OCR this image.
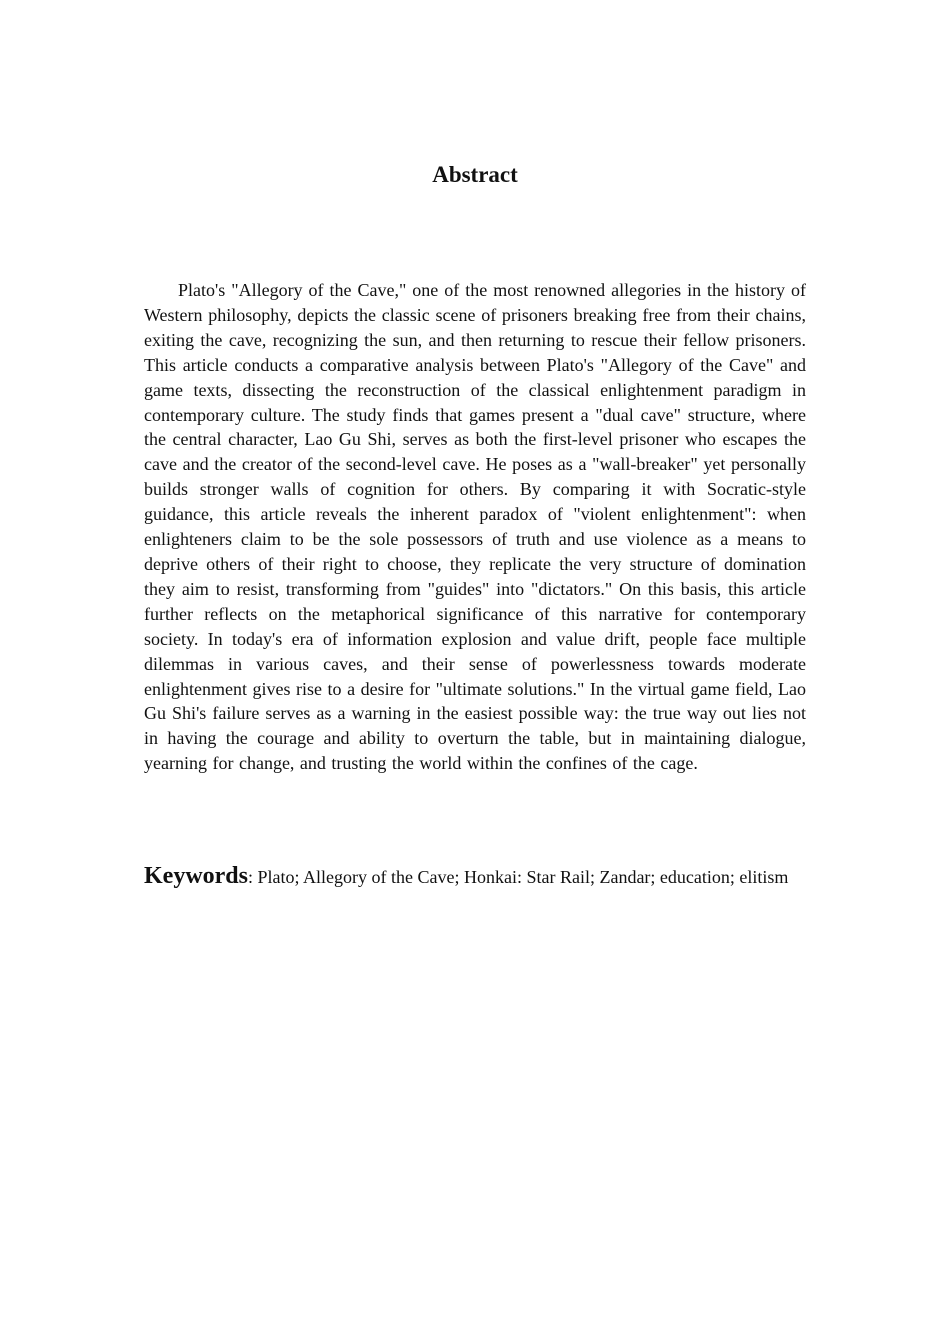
Abstract

Plato's "Allegory of the Cave," one of the most renowned allegories in the history of Western philosophy, depicts the classic scene of prisoners breaking free from their chains, exiting the cave, recognizing the sun, and then returning to rescue their fellow prisoners. This article conducts a comparative analysis between Plato's "Allegory of the Cave" and game texts, dissecting the reconstruction of the classical enlightenment paradigm in contemporary culture. The study finds that games present a "dual cave" structure, where the central character, Lao Gu Shi, serves as both the first-level prisoner who escapes the cave and the creator of the second-level cave. He poses as a "wall-breaker" yet personally builds stronger walls of cognition for others. By comparing it with Socratic-style guidance, this article reveals the inherent paradox of "violent enlightenment": when enlighteners claim to be the sole possessors of truth and use violence as a means to deprive others of their right to choose, they replicate the very structure of domination they aim to resist, transforming from "guides" into "dictators." On this basis, this article further reflects on the metaphorical significance of this narrative for contemporary society. In today's era of information explosion and value drift, people face multiple dilemmas in various caves, and their sense of powerlessness towards moderate enlightenment gives rise to a desire for "ultimate solutions." In the virtual game field, Lao Gu Shi's failure serves as a warning in the easiest possible way: the true way out lies not in having the courage and ability to overturn the table, but in maintaining dialogue, yearning for change, and trusting the world within the confines of the cage.

Keywords: Plato; Allegory of the Cave; Honkai: Star Rail; Zandar; education; elitism
